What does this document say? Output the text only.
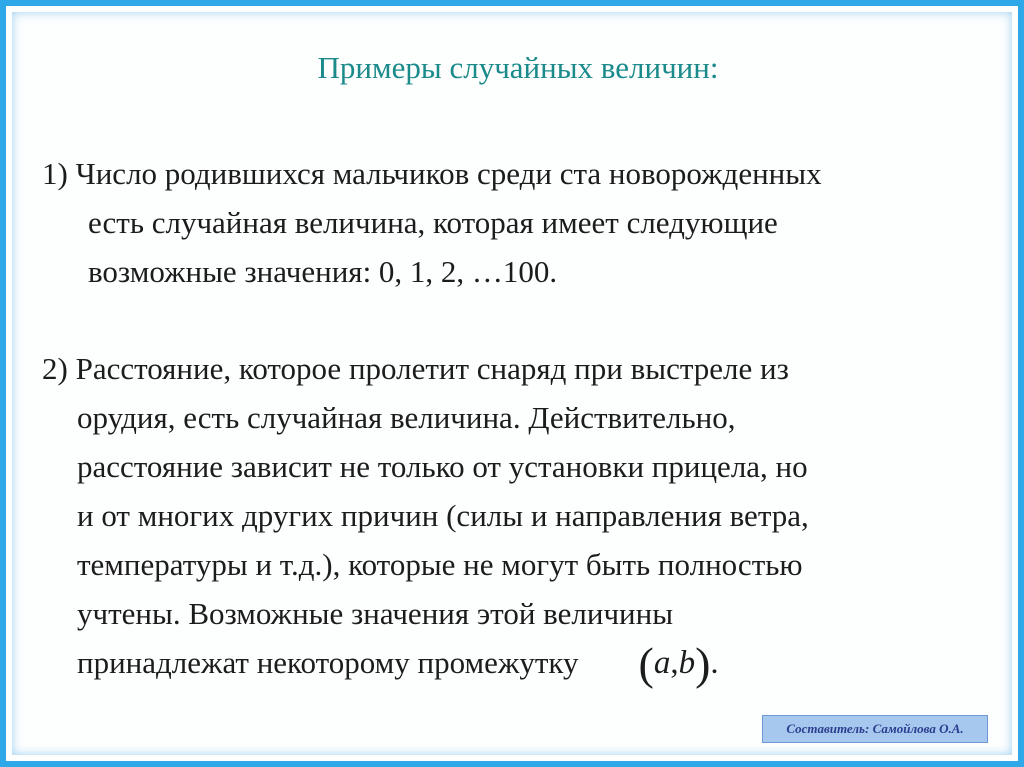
Примеры случайных величин:
1) Число родившихся мальчиков среди ста новорожденных
есть случайная величина, которая имеет следующие
возможные значения: 0, 1, 2, …100.
2) Расстояние, которое пролетит снаряд при выстреле из
орудия, есть случайная величина. Действительно,
расстояние зависит не только от установки прицела, но
и от многих других причин (силы и направления ветра,
температуры и т.д.), которые не могут быть полностью
учтены. Возможные значения этой величины
принадлежат некоторому промежутку (a,b).
Составитель: Самойлова О.А.
